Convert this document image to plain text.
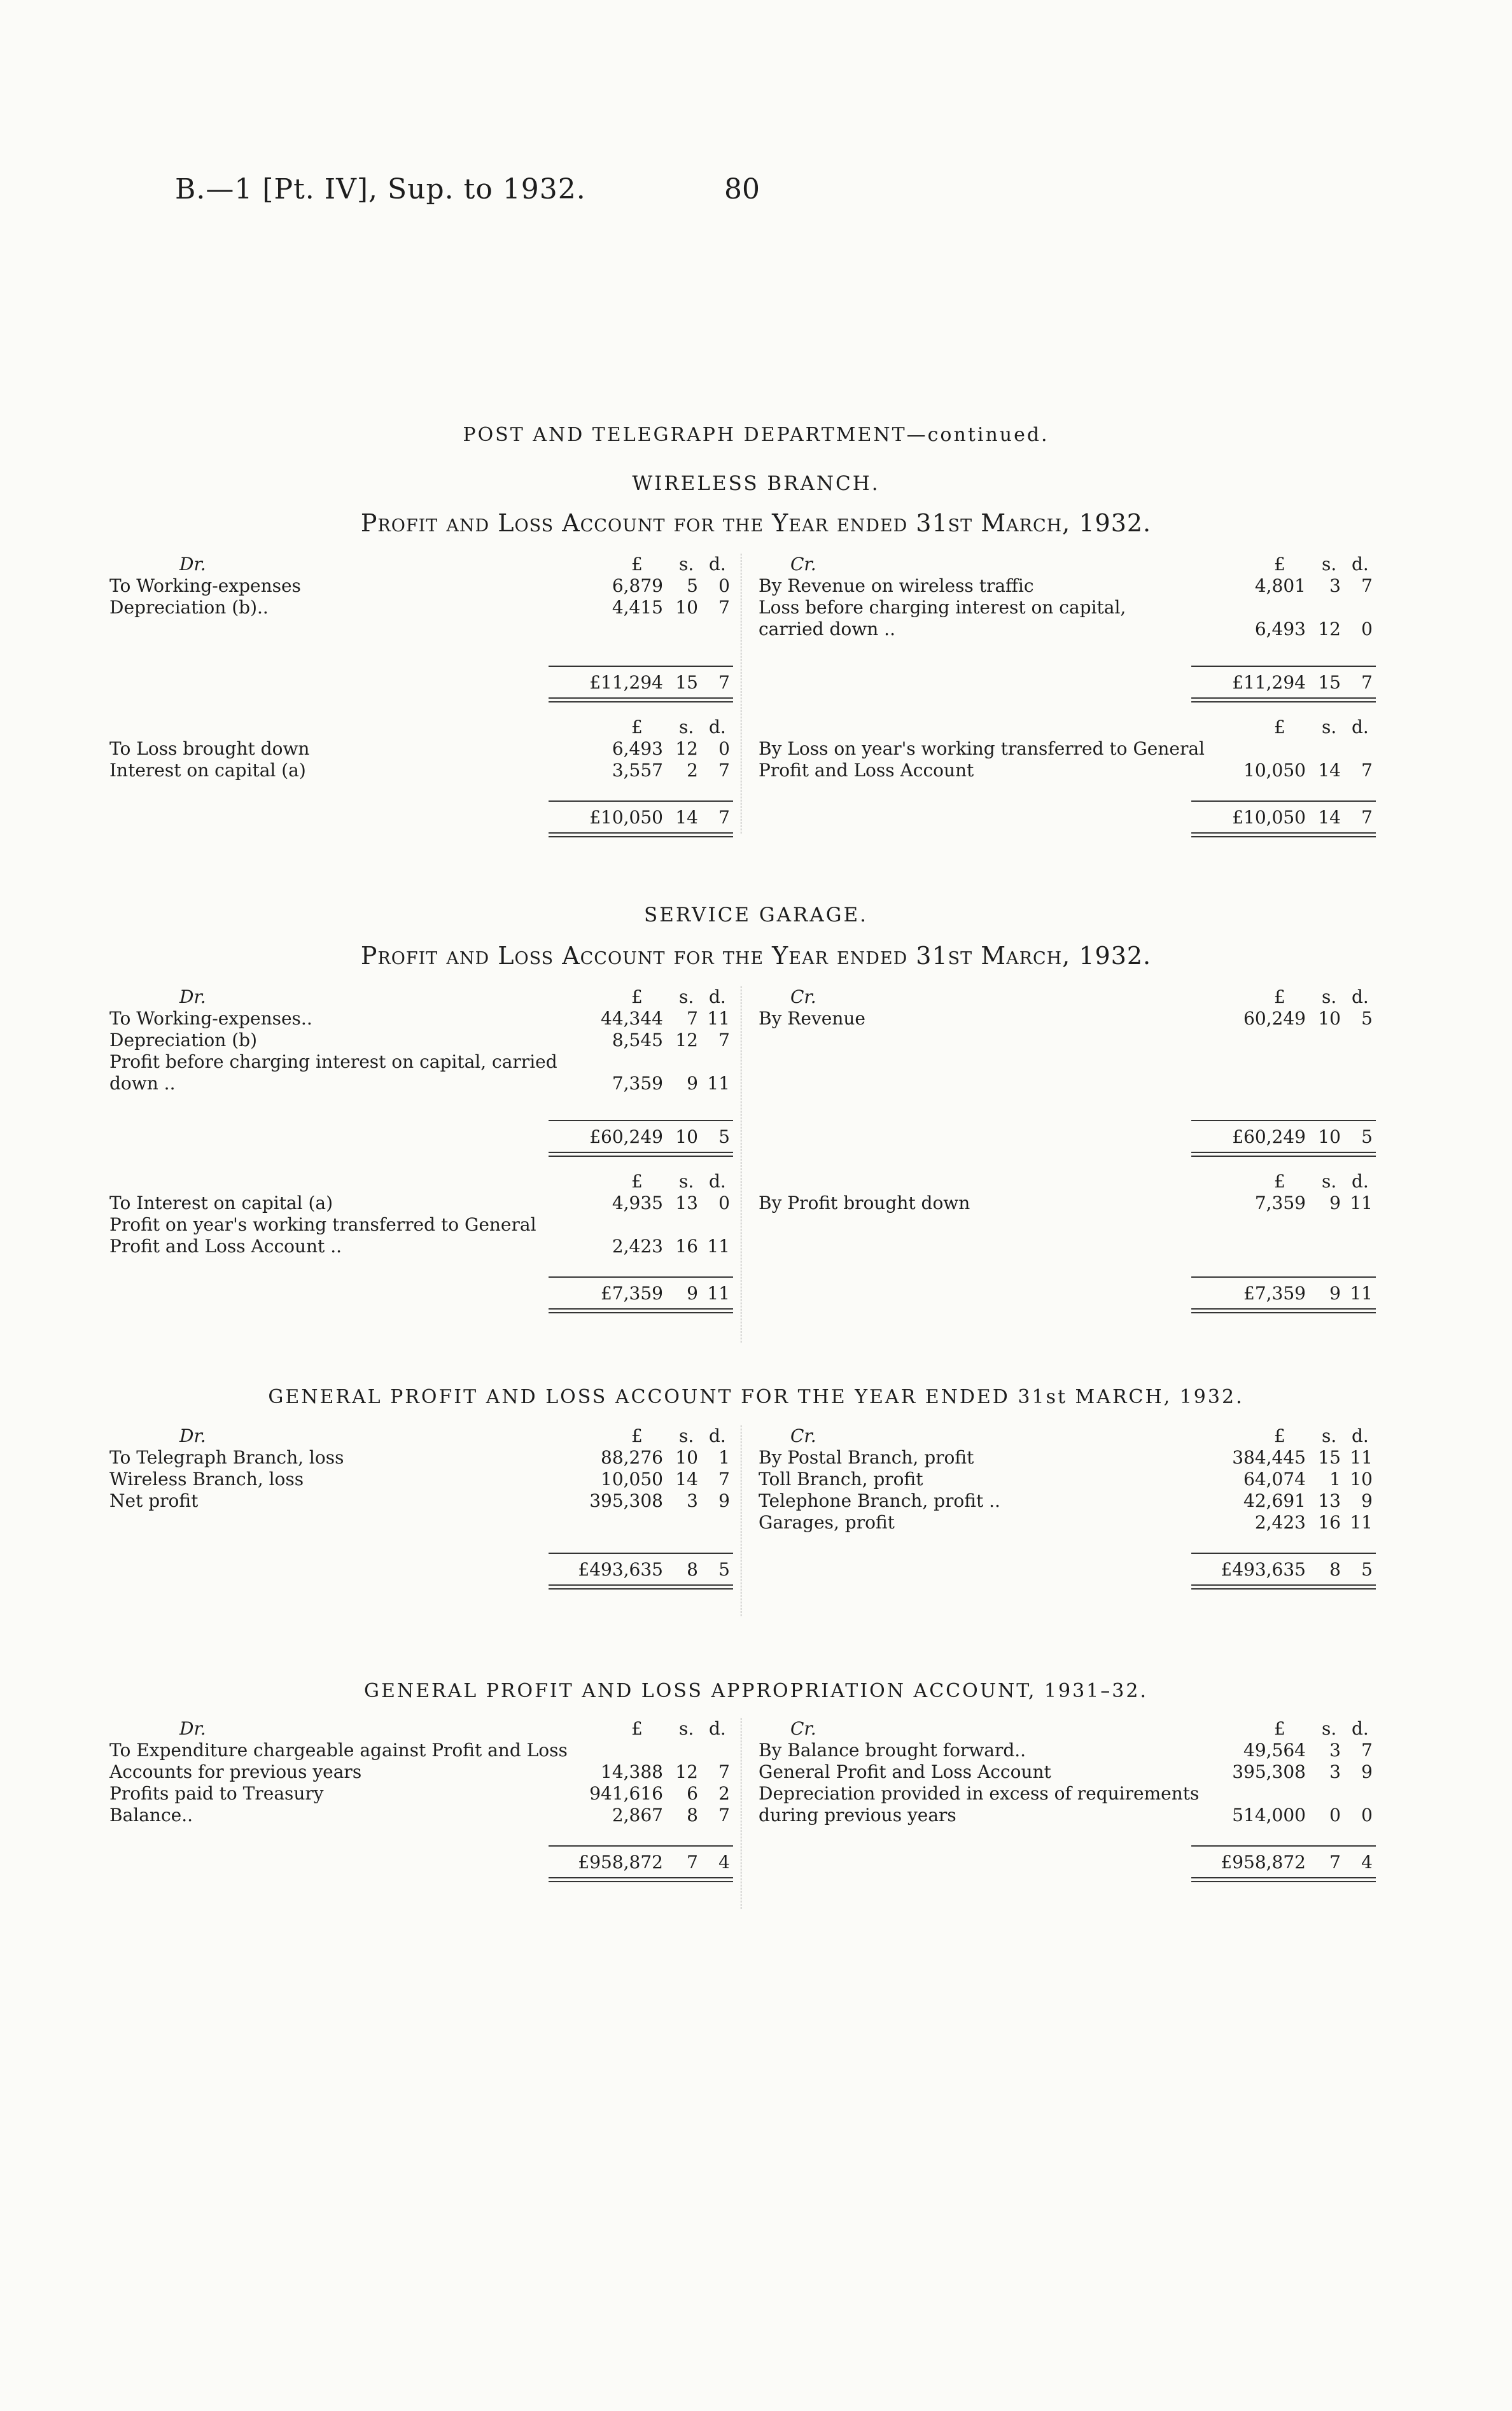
B.—1 [Pt. IV], Sup. to 1932.	80
POST AND TELEGRAPH DEPARTMENT—continued.
WIRELESS BRANCH.
Profit and Loss Account for the Year ended 31st March, 1932.
Dr.	£ s. d.
To Working-expenses	6,879	5	0
Depreciation (b)..	4,415 10	7
£11,294 15	7
£ s. d.
To Loss brought down	6,493 12	0
Interest on capital (a)	3,557	2	7
£10,050 14	7
Cr.	£ s. d.
By Revenue on wireless traffic	4,801	3	7
Loss before charging interest on capital,
carried down ..	6,493 12	0
£11,294 15	7
£ s. d.
By Loss on year's working transferred to General
Profit and Loss Account	10,050 14	7
£10,050 14	7
SERVICE GARAGE.
Profit and Loss Account for the Year ended 31st March, 1932.
Dr.	£ s. d.
To Working-expenses..	44,344	7 11
Depreciation (b)	8,545 12	7
Profit before charging interest on capital, carried
down ..	7,359	9 11
£60,249 10	5
£ s. d.
To Interest on capital (a)	4,935 13	0
Profit on year's working transferred to General
Profit and Loss Account ..	2,423 16 11
£7,359	9 11
Cr.	£ s. d.
By Revenue	60,249 10	5
£60,249 10	5
£ s. d.
By Profit brought down	7,359	9 11
£7,359	9 11
GENERAL PROFIT AND LOSS ACCOUNT FOR THE YEAR ENDED 31st MARCH, 1932.
Dr.	£ s. d.
To Telegraph Branch, loss	88,276 10	1
Wireless Branch, loss	10,050 14	7
Net profit	395,308	3	9
£493,635	8	5
Cr.	£ s. d.
By Postal Branch, profit	384,445 15 11
Toll Branch, profit	64,074	1 10
Telephone Branch, profit ..	42,691 13	9
Garages, profit	2,423 16 11
£493,635	8	5
GENERAL PROFIT AND LOSS APPROPRIATION ACCOUNT, 1931–32.
Dr.	£ s. d.
To Expenditure chargeable against Profit and Loss
Accounts for previous years	14,388 12	7
Profits paid to Treasury	941,616	6	2
Balance..	2,867	8	7
£958,872	7	4
Cr.	£ s. d.
By Balance brought forward..	49,564	3	7
General Profit and Loss Account	395,308	3	9
Depreciation provided in excess of requirements
during previous years	514,000	0	0
£958,872	7	4
